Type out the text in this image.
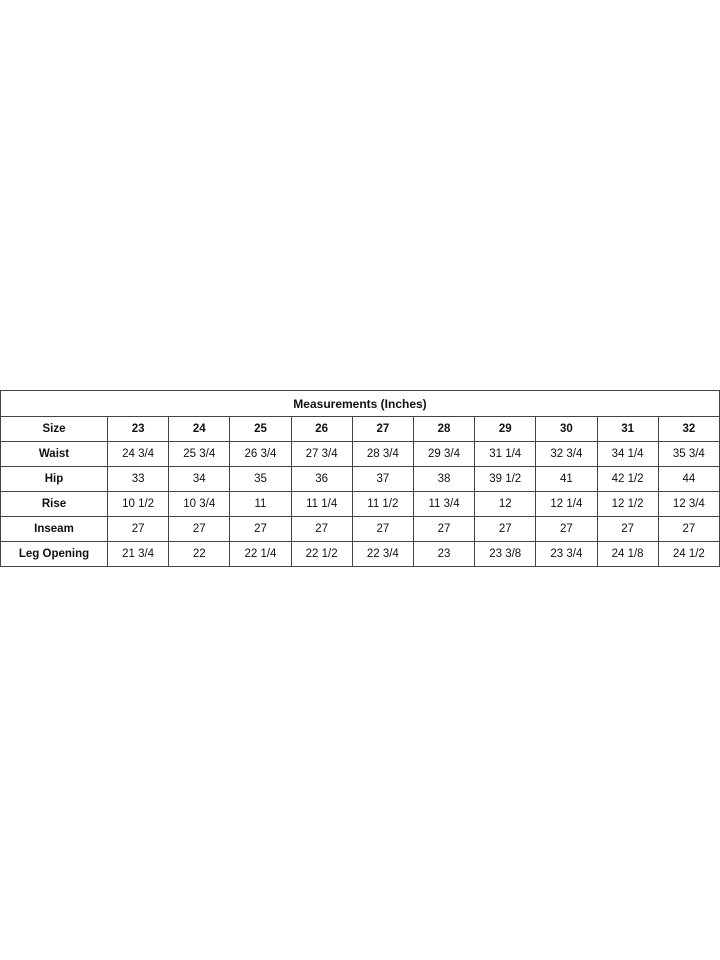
Measurements (Inches)										
Size	23	24	25	26	27	28	29	30	31	32
Waist	24 3/4	25 3/4	26 3/4	27 3/4	28 3/4	29 3/4	31 1/4	32 3/4	34 1/4	35 3/4
Hip	33	34	35	36	37	38	39 1/2	41	42 1/2	44
Rise	10 1/2	10 3/4	11	11 1/4	11 1/2	11 3/4	12	12 1/4	12 1/2	12 3/4
Inseam	27	27	27	27	27	27	27	27	27	27
Leg Opening	21 3/4	22	22 1/4	22 1/2	22 3/4	23	23 3/8	23 3/4	24 1/8	24 1/2
